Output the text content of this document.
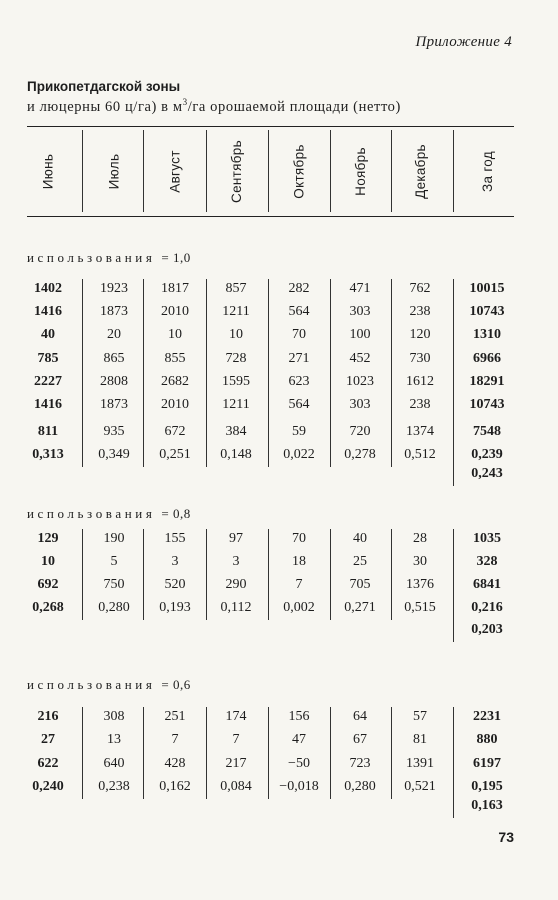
Приложение 4
Прикопетдагской зоны
и люцерны 60 ц/га) в $м^3/га$ орошаемой площади (нетто)
Июнь	Июль	Август	Сентябрь	Октябрь	Ноябрь	Декабрь	За год
использования = 1,0
1402	1923	1817	857	282	471	762	10015
1416	1873	2010	1211	564	303	238	10743
40	20	10	10	70	100	120	1310
785	865	855	728	271	452	730	6966
2227	2808	2682	1595	623	1023	1612	18291
1416	1873	2010	1211	564	303	238	10743
811	935	672	384	59	720	1374	7548
0,313	0,349	0,251	0,148	0,022	0,278	0,512	0,239
0,243
использования = 0,8
129	190	155	97	70	40	28	1035
10	5	3	3	18	25	30	328
692	750	520	290	7	705	1376	6841
0,268	0,280	0,193	0,112	0,002	0,271	0,515	0,216
0,203
использования = 0,6
216	308	251	174	156	64	57	2231
27	13	7	7	47	67	81	880
622	640	428	217	−50	723	1391	6197
0,240	0,238	0,162	0,084	−0,018	0,280	0,521	0,195
0,163
73
